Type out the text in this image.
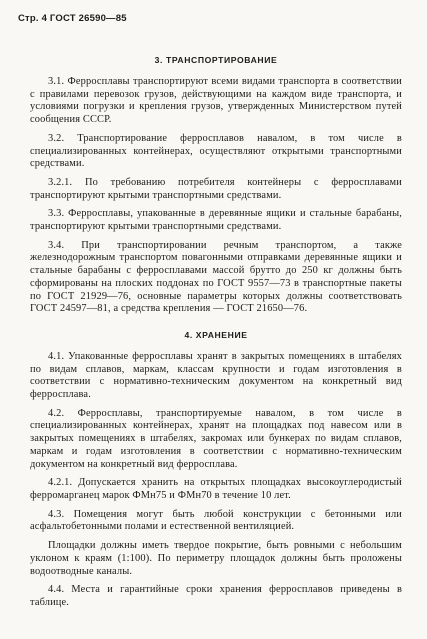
Стр. 4 ГОСТ 26590—85
3. ТРАНСПОРТИРОВАНИЕ

3.1. Ферросплавы транспортируют всеми видами транспорта в соответствии с правилами перевозок грузов, действующими на каждом виде транспорта, и условиями погрузки и крепления грузов, утвержденных Министерством путей сообщения СССР.

3.2. Транспортирование ферросплавов навалом, в том числе в специализированных контейнерах, осуществляют открытыми транспортными средствами.

3.2.1. По требованию потребителя контейнеры с ферросплавами транспортируют крытыми транспортными средствами.

3.3. Ферросплавы, упакованные в деревянные ящики и стальные барабаны, транспортируют крытыми транспортными средствами.

3.4. При транспортировании речным транспортом, а также железнодорожным транспортом повагонными отправками деревянные ящики и стальные барабаны с ферросплавами массой брутто до 250 кг должны быть сформированы на плоских поддонах по ГОСТ 9557—73 в транспортные пакеты по ГОСТ 21929—76, основные параметры которых должны соответствовать ГОСТ 24597—81, а средства крепления — ГОСТ 21650—76.

4. ХРАНЕНИЕ

4.1. Упакованные ферросплавы хранят в закрытых помещениях в штабелях по видам сплавов, маркам, классам крупности и годам изготовления в соответствии с нормативно-техническим документом на конкретный вид ферросплава.

4.2. Ферросплавы, транспортируемые навалом, в том числе в специализированных контейнерах, хранят на площадках под навесом или в закрытых помещениях в штабелях, закромах или бункерах по видам сплавов, маркам и годам изготовления в соответствии с нормативно-техническим документом на конкретный вид ферросплава.

4.2.1. Допускается хранить на открытых площадках высокоуглеродистый ферромарганец марок ФМн75 и ФМн70 в течение 10 лет.

4.3. Помещения могут быть любой конструкции с бетонными или асфальтобетонными полами и естественной вентиляцией.

Площадки должны иметь твердое покрытие, быть ровными с небольшим уклоном к краям (1:100). По периметру площадок должны быть проложены водоотводные каналы.

4.4. Места и гарантийные сроки хранения ферросплавов приведены в таблице.
